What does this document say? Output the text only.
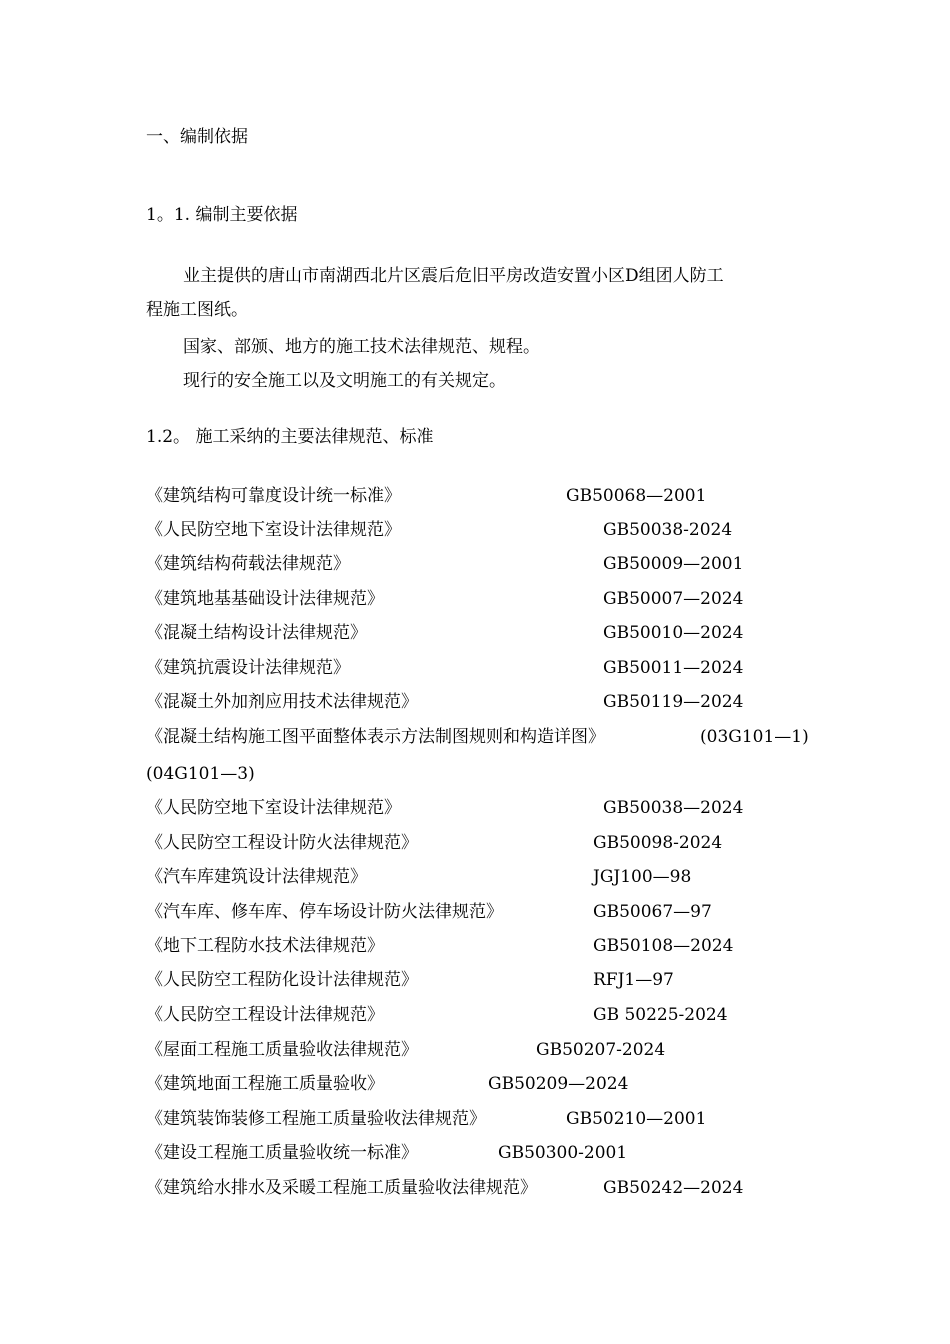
一、编制依据
1。1. 编制主要依据
业主提供的唐山市南湖西北片区震后危旧平房改造安置小区D组团人防工
程施工图纸。
国家、部颁、地方的施工技术法律规范、规程。
现行的安全施工以及文明施工的有关规定。
1.2。 施工采纳的主要法律规范、标准
《建筑结构可靠度设计统一标准》	GB50068—2001
《人民防空地下室设计法律规范》	GB50038-2024
《建筑结构荷载法律规范》	GB50009—2001
《建筑地基基础设计法律规范》	GB50007—2024
《混凝土结构设计法律规范》	GB50010—2024
《建筑抗震设计法律规范》	GB50011—2024
《混凝土外加剂应用技术法律规范》	GB50119—2024
《混凝土结构施工图平面整体表示方法制图规则和构造详图》	(03G101—1)
(04G101—3)
《人民防空地下室设计法律规范》	GB50038—2024
《人民防空工程设计防火法律规范》	GB50098-2024
《汽车库建筑设计法律规范》	JGJ100—98
《汽车库、修车库、停车场设计防火法律规范》	GB50067—97
《地下工程防水技术法律规范》	GB50108—2024
《人民防空工程防化设计法律规范》	RFJ1—97
《人民防空工程设计法律规范》	GB 50225-2024
《屋面工程施工质量验收法律规范》	GB50207-2024
《建筑地面工程施工质量验收》	GB50209—2024
《建筑装饰装修工程施工质量验收法律规范》	GB50210—2001
《建设工程施工质量验收统一标准》	GB50300-2001
《建筑给水排水及采暖工程施工质量验收法律规范》	GB50242—2024
